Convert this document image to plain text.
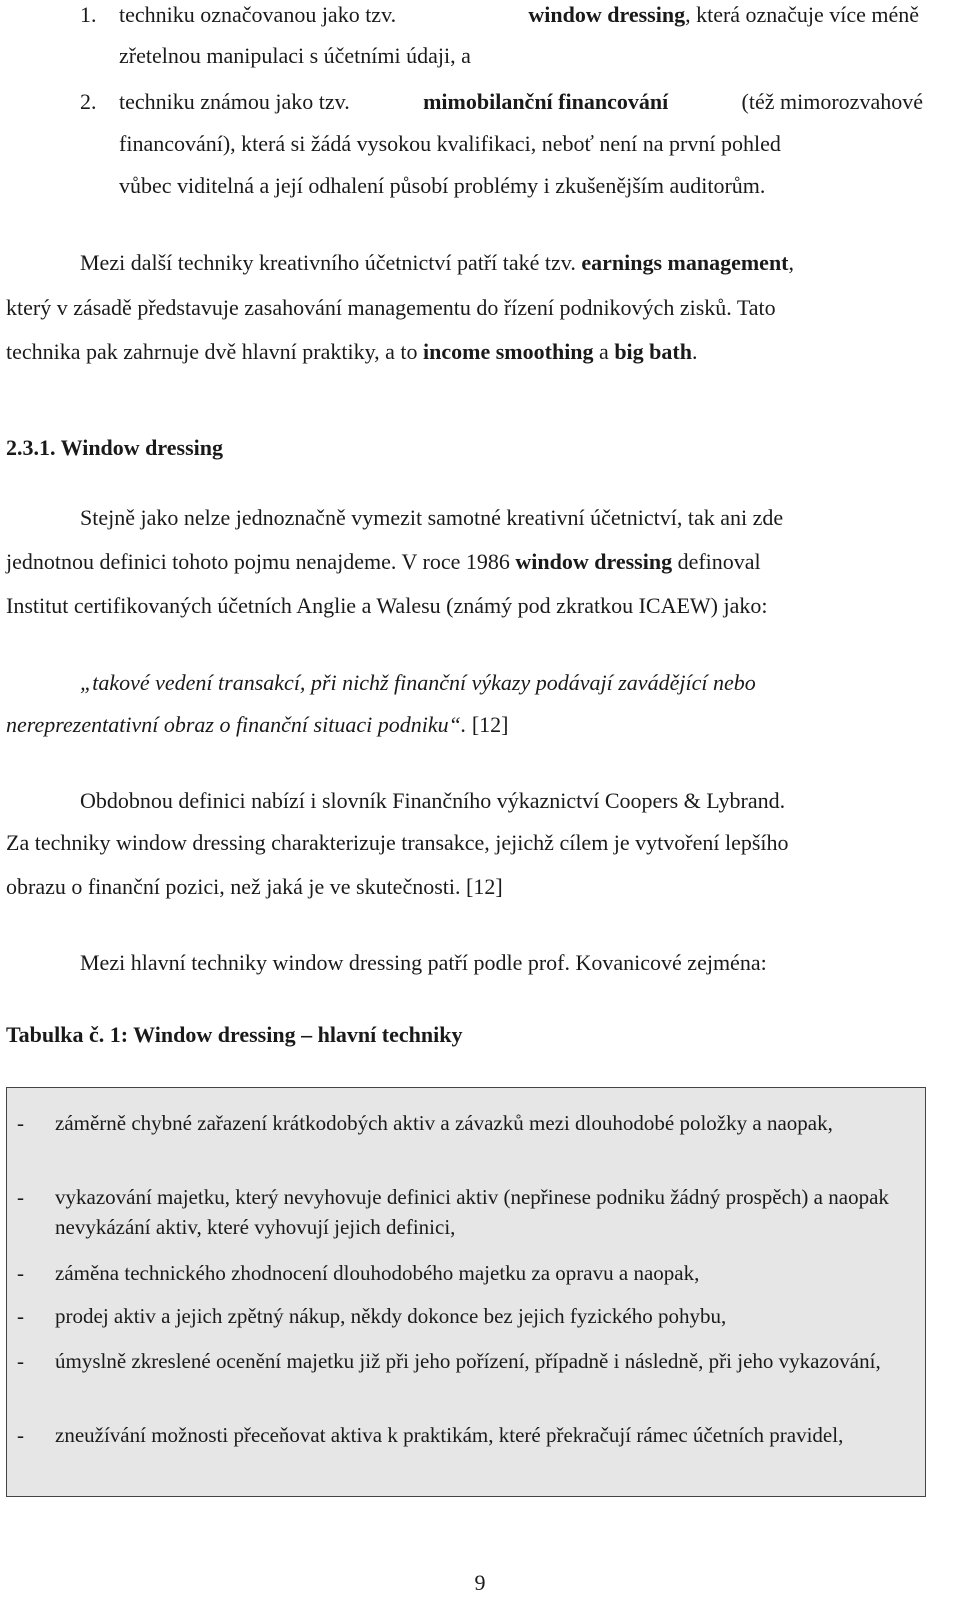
1. techniku označovanou jako tzv.	window dressing, která označuje více méně
zřetelnou manipulaci s účetními údaji, a
2. techniku známou jako tzv.	mimobilanční financování	(též mimorozvahové
financování), která si žádá vysokou kvalifikaci, neboť není na první pohled
vůbec viditelná a její odhalení působí problémy i zkušenějším auditorům.
Mezi další techniky kreativního účetnictví patří také tzv. earnings management,
který v zásadě představuje zasahování managementu do řízení podnikových zisků. Tato
technika pak zahrnuje dvě hlavní praktiky, a to income smoothing a big bath.
2.3.1. Window dressing
Stejně jako nelze jednoznačně vymezit samotné kreativní účetnictví, tak ani zde
jednotnou definici tohoto pojmu nenajdeme. V roce 1986 window dressing definoval
Institut certifikovaných účetních Anglie a Walesu (známý pod zkratkou ICAEW) jako:
„takové vedení transakcí, při nichž finanční výkazy podávají zavádějící nebo
nereprezentativní obraz o finanční situaci podniku“. [12]
Obdobnou definici nabízí i slovník Finančního výkaznictví Coopers & Lybrand.
Za techniky window dressing charakterizuje transakce, jejichž cílem je vytvoření lepšího
obrazu o finanční pozici, než jaká je ve skutečnosti. [12]
Mezi hlavní techniky window dressing patří podle prof. Kovanicové zejména:
Tabulka č. 1: Window dressing – hlavní techniky
- záměrně chybné zařazení krátkodobých aktiv a závazků mezi dlouhodobé položky a naopak,
- vykazování majetku, který nevyhovuje definici aktiv (nepřinese podniku žádný prospěch) a naopak nevykázání aktiv, které vyhovují jejich definici,
- záměna technického zhodnocení dlouhodobého majetku za opravu a naopak,
- prodej aktiv a jejich zpětný nákup, někdy dokonce bez jejich fyzického pohybu,
- úmyslně zkreslené ocenění majetku již při jeho pořízení, případně i následně, při jeho vykazování,
- zneužívání možnosti přeceňovat aktiva k praktikám, které překračují rámec účetních pravidel,
9
